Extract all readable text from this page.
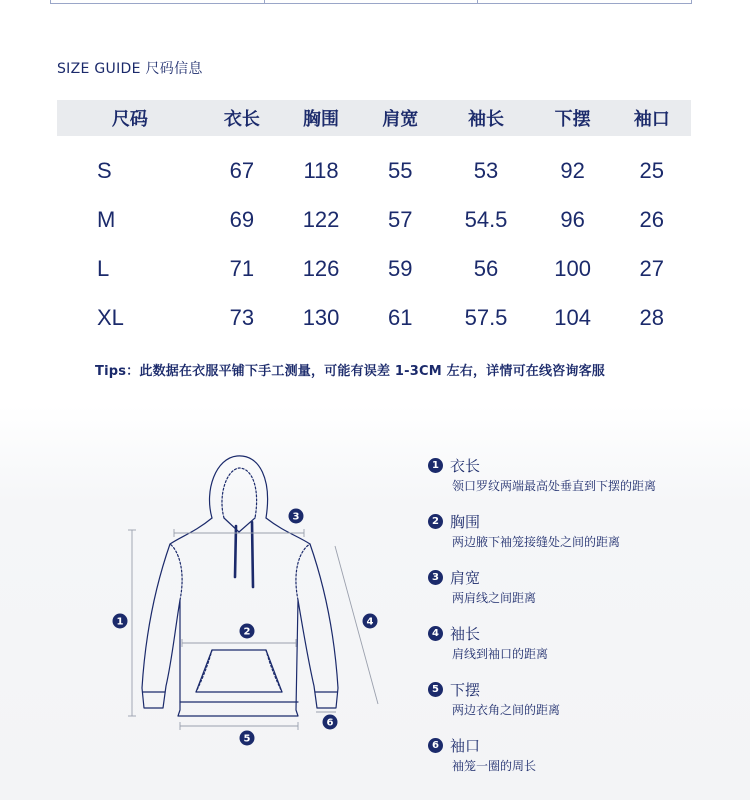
SIZE GUIDE 尺码信息
尺码	衣长	胸围	肩宽	袖长	下摆	袖口
S	67	118	55	53	92	25
M	69	122	57	54.5	96	26
L	71	126	59	56	100	27
XL	73	130	61	57.5	104	28
Tips：此数据在衣服平铺下手工测量，可能有误差 1-3CM 左右，详情可在线咨询客服
1
2
3
4
5
6
1 衣长
领口罗纹两端最高处垂直到下摆的距离
2 胸围
两边腋下袖笼接缝处之间的距离
3 肩宽
两肩线之间距离
4 袖长
肩线到袖口的距离
5 下摆
两边衣角之间的距离
6 袖口
袖笼一圈的周长
